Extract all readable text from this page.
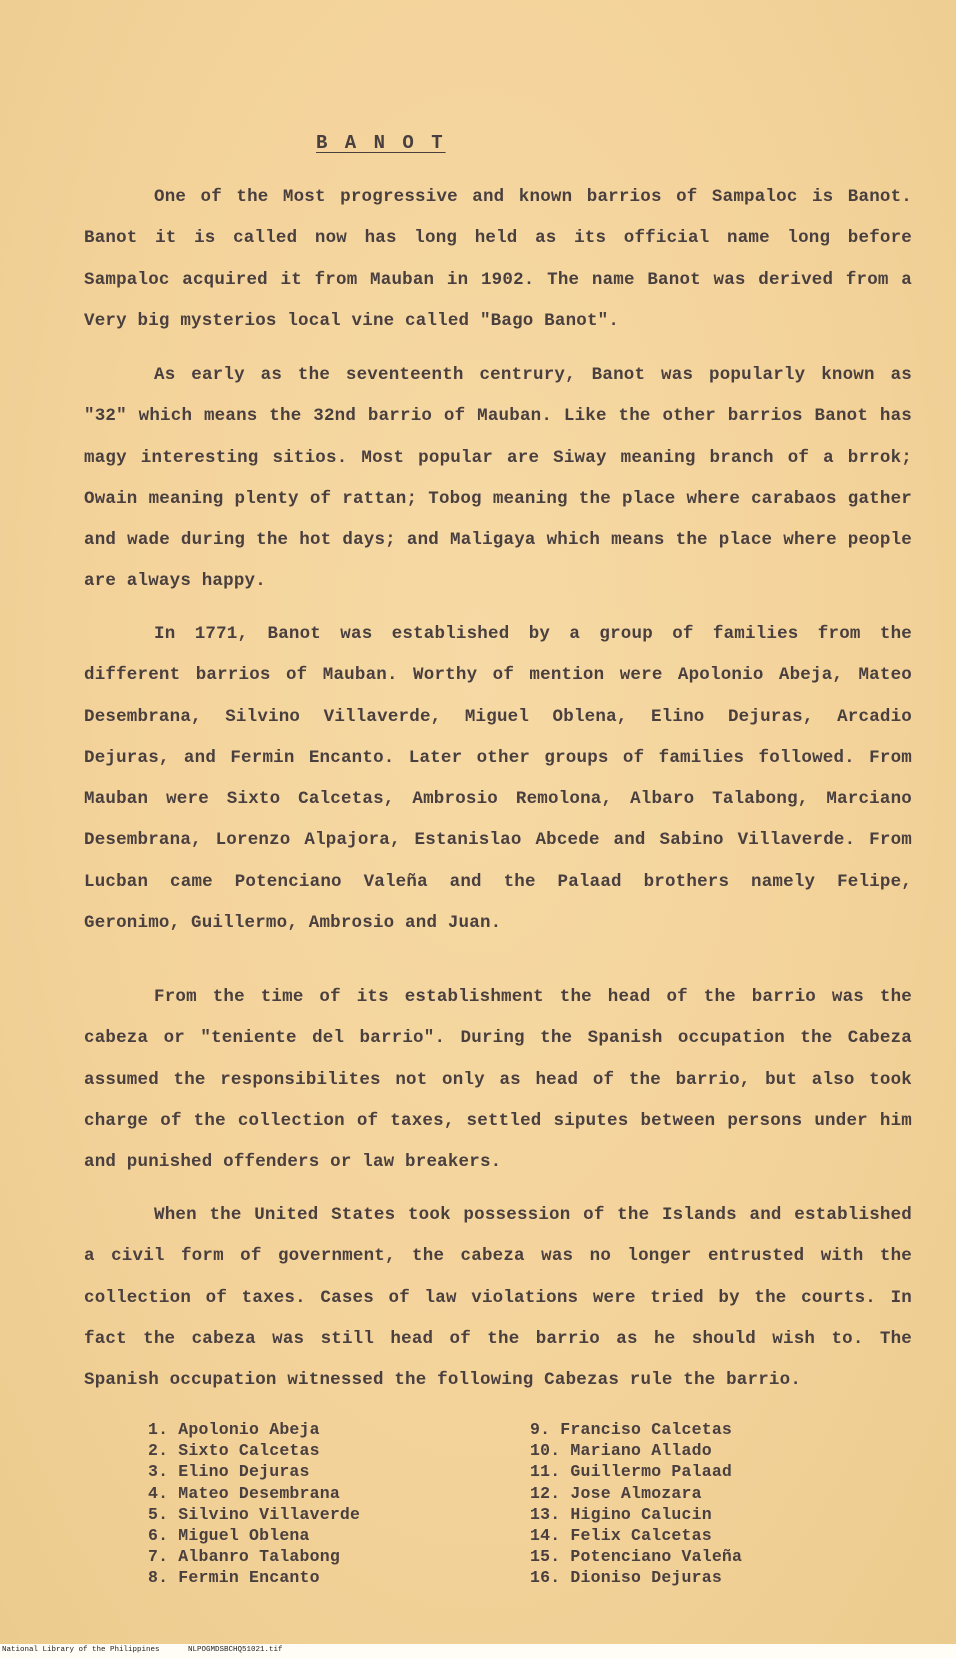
B A N O T

One of the Most progressive and known barrios of Sampaloc is Banot. Banot it is called now has long held as its official name long before Sampaloc acquired it from Mauban in 1902. The name Banot was derived from a Very big mysterios local vine called "Bago Banot".

As early as the seventeenth centrury, Banot was popularly known as "32" which means the 32nd barrio of Mauban. Like the other barrios Banot has magy interesting sitios. Most popular are Siway meaning branch of a brrok; Owain meaning plenty of rattan; Tobog meaning the place where carabaos gather and wade during the hot days; and Maligaya which means the place where people are always happy.

In 1771, Banot was established by a group of families from the different barrios of Mauban. Worthy of mention were Apolonio Abeja, Mateo Desembrana, Silvino Villaverde, Miguel Oblena, Elino Dejuras, Arcadio Dejuras, and Fermin Encanto. Later other groups of families followed. From Mauban were Sixto Calcetas, Ambrosio Remolona, Albaro Talabong, Marciano Desembrana, Lorenzo Alpajora, Estanislao Abcede and Sabino Villaverde. From Lucban came Potenciano Valeña and the Palaad brothers namely Felipe, Geronimo, Guillermo, Ambrosio and Juan.

From the time of its establishment the head of the barrio was the cabeza or "teniente del barrio". During the Spanish occupation the Cabeza assumed the responsibilites not only as head of the barrio, but also took charge of the collection of taxes, settled siputes between persons under him and punished offenders or law breakers.

When the United States took possession of the Islands and established a civil form of government, the cabeza was no longer entrusted with the collection of taxes. Cases of law violations were tried by the courts. In fact the cabeza was still head of the barrio as he should wish to. The Spanish occupation witnessed the following Cabezas rule the barrio.

1. Apolonio Abeja
2. Sixto Calcetas
3. Elino Dejuras
4. Mateo Desembrana
5. Silvino Villaverde
6. Miguel Oblena
7. Albanro Talabong
8. Fermin Encanto
9. Franciso Calcetas
10. Mariano Allado
11. Guillermo Palaad
12. Jose Almozara
13. Higino Calucin
14. Felix Calcetas
15. Potenciano Valeña
16. Dioniso Dejuras
National Library of the Philippines	NLPOGMDSBCHQ51021.tif
